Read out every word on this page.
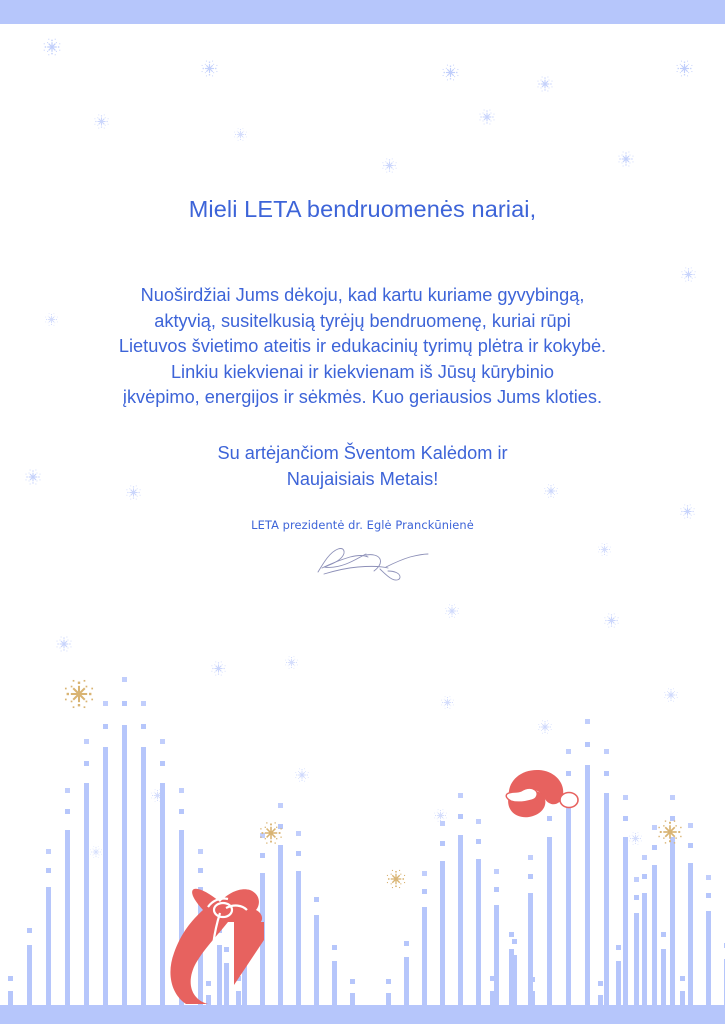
Mieli LETA bendruomenės nariai,
Nuoširdžiai Jums dėkoju, kad kartu kuriame gyvybingą,
aktyvią, susitelkusią tyrėjų bendruomenę, kuriai rūpi
Lietuvos švietimo ateitis ir edukacinių tyrimų plėtra ir kokybė.
Linkiu kiekvienai ir kiekvienam iš Jūsų kūrybinio
įkvėpimo, energijos ir sėkmės. Kuo geriausios Jums kloties.
Su artėjančiom Šventom Kalėdom ir
Naujaisiais Metais!
LETA prezidentė dr. Eglė Pranckūnienė
